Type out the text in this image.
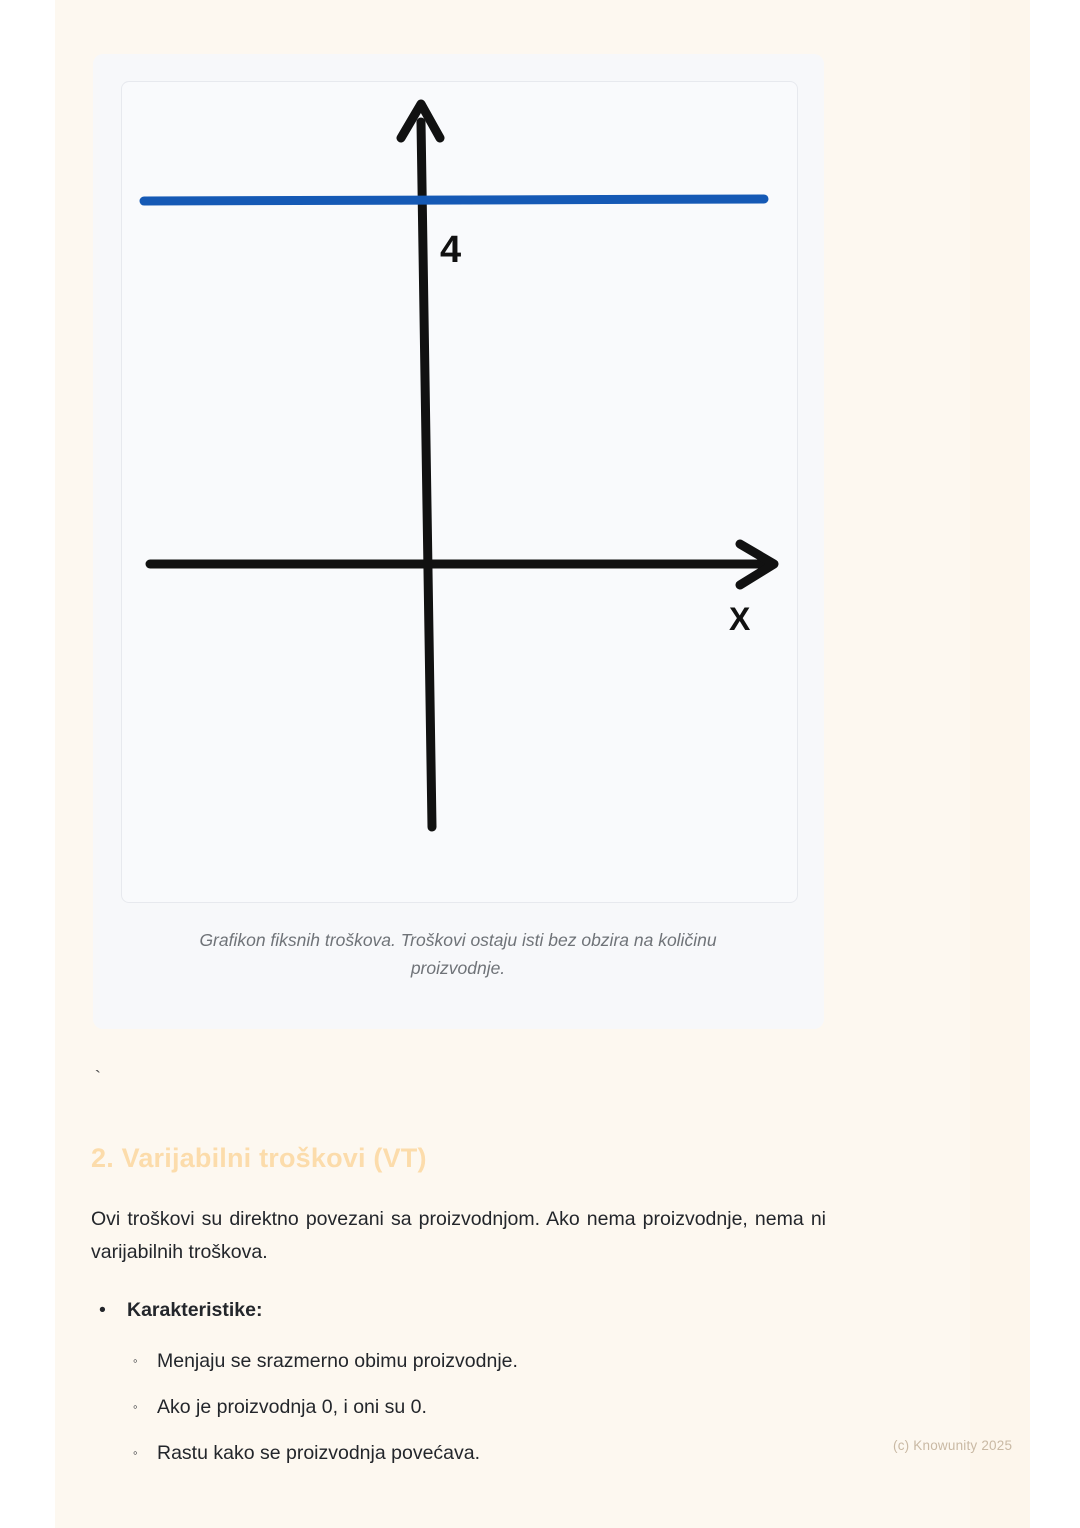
4
X
Grafikon fiksnih troškova. Troškovi ostaju isti bez obzira na količinu proizvodnje.
`
2. Varijabilni troškovi (VT)
Ovi troškovi su direktno povezani sa proizvodnjom. Ako nema proizvodnje, nema ni varijabilnih troškova.
• Karakteristike:
◦ Menjaju se srazmerno obimu proizvodnje.
◦ Ako je proizvodnja 0, i oni su 0.
◦ Rastu kako se proizvodnja povećava.	(c) Knowunity 2025
